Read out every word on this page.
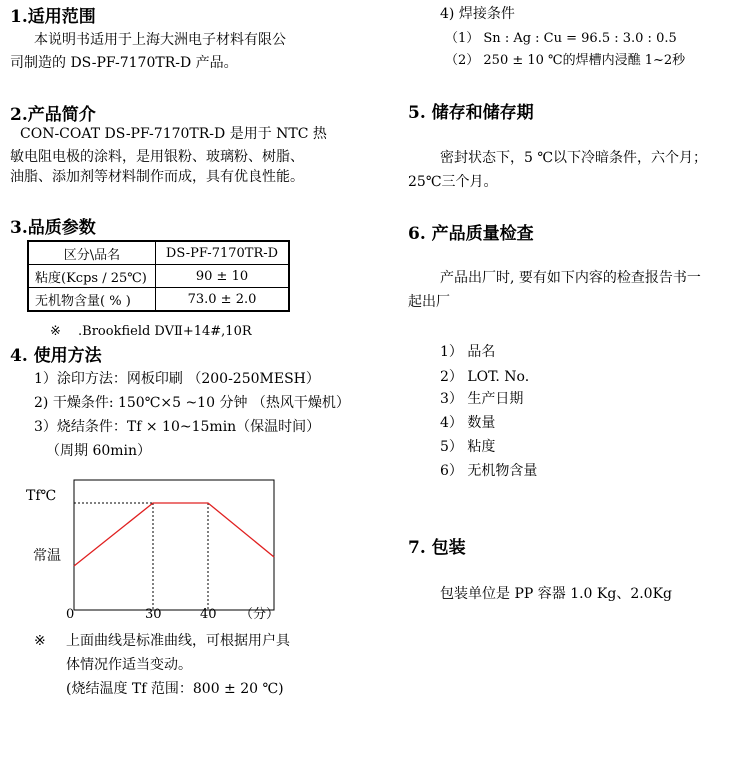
1.适用范围
本说明书适用于上海大洲电子材料有限公
司制造的 DS-PF-7170TR-D 产品。
2.产品简介
CON-COAT DS-PF-7170TR-D 是用于 NTC 热
敏电阻电极的涂料，是用银粉、玻璃粉、树脂、
油脂、添加剂等材料制作而成，具有优良性能。
3.品质参数
区分\品名	DS-PF-7170TR-D
粘度(Kcps / 25℃)	90 ± 10
无机物含量( % )	73.0 ± 2.0
※　 .Brookfield DVⅡ+14#,10R
4. 使用方法
1）涂印方法：网板印刷 （200-250MESH）
2) 干燥条件: 150℃×5 ~10 分钟 （热风干燥机）
3）烧结条件：Tf × 10~15min（保温时间）
（周期 60min）
Tf℃
常温
0	30	40 （分）
※ 上面曲线是标准曲线，可根据用户具
体情况作适当变动。
(烧结温度 Tf 范围：800 ± 20 ℃)
4) 焊接条件
（1） Sn : Ag : Cu = 96.5 : 3.0 : 0.5
（2） 250 ± 10 ℃的焊槽内浸醮 1~2秒
5. 储存和储存期
密封状态下，5 ℃以下冷暗条件，六个月；
25℃三个月。
6. 产品质量检查
产品出厂时, 要有如下内容的检查报告书一
起出厂
1） 品名
2） LOT. No.
3） 生产日期
4） 数量
5） 粘度
6） 无机物含量
7. 包装
包装单位是 PP 容器 1.0 Kg、2.0Kg
